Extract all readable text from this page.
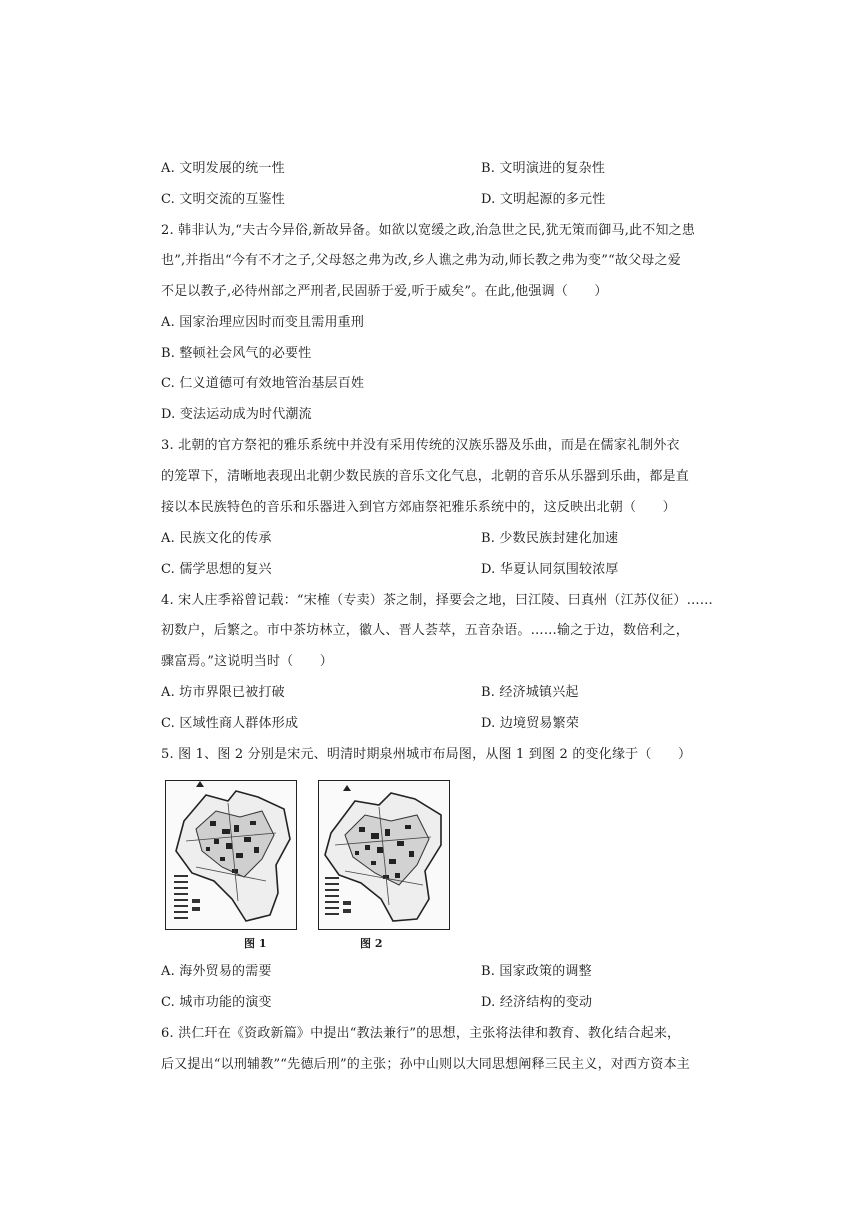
A. 文明发展的统一性	B. 文明演进的复杂性
C. 文明交流的互鉴性	D. 文明起源的多元性
2. 韩非认为,“夫古今异俗,新故异备。如欲以宽缓之政,治急世之民,犹无策而御马,此不知之患
也”,并指出“今有不才之子,父母怒之弗为改,乡人谯之弗为动,师长教之弗为变”“故父母之爱
不足以教子,必待州部之严刑者,民固骄于爱,听于威矣”。在此,他强调（　　）
A. 国家治理应因时而变且需用重刑
B. 整顿社会风气的必要性
C. 仁义道德可有效地管治基层百姓
D. 变法运动成为时代潮流
3. 北朝的官方祭祀的雅乐系统中并没有采用传统的汉族乐器及乐曲，而是在儒家礼制外衣
的笼罩下，清晰地表现出北朝少数民族的音乐文化气息，北朝的音乐从乐器到乐曲，都是直
接以本民族特色的音乐和乐器进入到官方郊庙祭祀雅乐系统中的，这反映出北朝（　　）
A. 民族文化的传承	B. 少数民族封建化加速
C. 儒学思想的复兴	D. 华夏认同氛围较浓厚
4. 宋人庄季裕曾记载：“宋榷（专卖）茶之制，择要会之地，曰江陵、曰真州（江苏仪征）……
初数户，后繁之。市中茶坊林立，徽人、晋人荟萃，五音杂语。……输之于边，数倍利之，
骤富焉。”这说明当时（　　）
A. 坊市界限已被打破	B. 经济城镇兴起
C. 区域性商人群体形成	D. 边境贸易繁荣
5. 图 1、图 2 分别是宋元、明清时期泉州城市布局图，从图 1 到图 2 的变化缘于（　　）
图 1	图 2
A. 海外贸易的需要	B. 国家政策的调整
C. 城市功能的演变	D. 经济结构的变动
6. 洪仁玕在《资政新篇》中提出“教法兼行”的思想，主张将法律和教育、教化结合起来，
后又提出“以刑辅教”“先德后刑”的主张；孙中山则以大同思想阐释三民主义，对西方资本主
